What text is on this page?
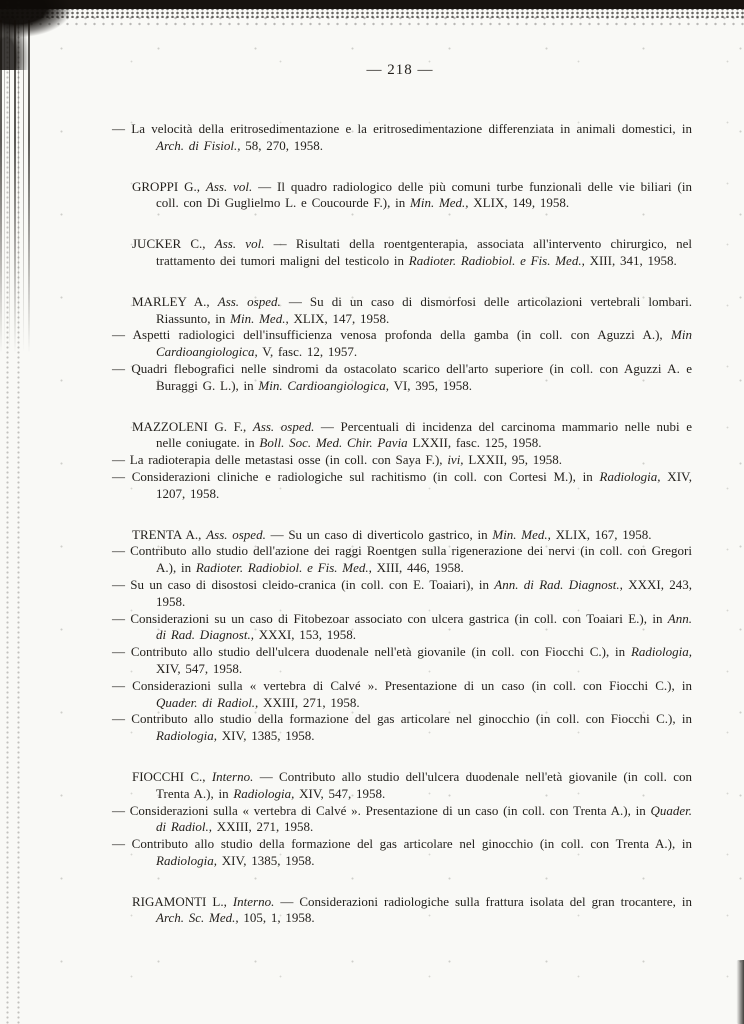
— 218 —

— La velocità della eritrosedimentazione e la eritrosedimentazione differenziata in animali domestici, in Arch. di Fisiol., 58, 270, 1958.

GROPPI G., Ass. vol. — Il quadro radiologico delle più comuni turbe funzionali delle vie biliari (in coll. con Di Guglielmo L. e Coucourde F.), in Min. Med., XLIX, 149, 1958.

JUCKER C., Ass. vol. — Risultati della roentgenterapia, associata all'intervento chirurgico, nel trattamento dei tumori maligni del testicolo in Radioter. Radiobiol. e Fis. Med., XIII, 341, 1958.

MARLEY A., Ass. osped. — Su di un caso di dismorfosi delle articolazioni vertebrali lombari. Riassunto, in Min. Med., XLIX, 147, 1958.

— Aspetti radiologici dell'insufficienza venosa profonda della gamba (in coll. con Aguzzi A.), Min Cardioangiologica, V, fasc. 12, 1957.

— Quadri flebografici nelle sindromi da ostacolato scarico dell'arto superiore (in coll. con Aguzzi A. e Buraggi G. L.), in Min. Cardioangiologica, VI, 395, 1958.

MAZZOLENI G. F., Ass. osped. — Percentuali di incidenza del carcinoma mammario nelle nubi e nelle coniugate. in Boll. Soc. Med. Chir. Pavia LXXII, fasc. 125, 1958.

— La radioterapia delle metastasi osse (in coll. con Saya F.), ivi, LXXII, 95, 1958.

— Considerazioni cliniche e radiologiche sul rachitismo (in coll. con Cortesi M.), in Radiologia, XIV, 1207, 1958.

TRENTA A., Ass. osped. — Su un caso di diverticolo gastrico, in Min. Med., XLIX, 167, 1958.

— Contributo allo studio dell'azione dei raggi Roentgen sulla rigenerazione dei nervi (in coll. con Gregori A.), in Radioter. Radiobiol. e Fis. Med., XIII, 446, 1958.

— Su un caso di disostosi cleido-cranica (in coll. con E. Toaiari), in Ann. di Rad. Diagnost., XXXI, 243, 1958.

— Considerazioni su un caso di Fitobezoar associato con ulcera gastrica (in coll. con Toaiari E.), in Ann. di Rad. Diagnost., XXXI, 153, 1958.

— Contributo allo studio dell'ulcera duodenale nell'età giovanile (in coll. con Fiocchi C.), in Radiologia, XIV, 547, 1958.

— Considerazioni sulla « vertebra di Calvé ». Presentazione di un caso (in coll. con Fiocchi C.), in Quader. di Radiol., XXIII, 271, 1958.

— Contributo allo studio della formazione del gas articolare nel ginocchio (in coll. con Fiocchi C.), in Radiologia, XIV, 1385, 1958.

FIOCCHI C., Interno. — Contributo allo studio dell'ulcera duodenale nell'età giovanile (in coll. con Trenta A.), in Radiologia, XIV, 547, 1958.

— Considerazioni sulla « vertebra di Calvé ». Presentazione di un caso (in coll. con Trenta A.), in Quader. di Radiol., XXIII, 271, 1958.

— Contributo allo studio della formazione del gas articolare nel ginocchio (in coll. con Trenta A.), in Radiologia, XIV, 1385, 1958.

RIGAMONTI L., Interno. — Considerazioni radiologiche sulla frattura isolata del gran trocantere, in Arch. Sc. Med., 105, 1, 1958.
